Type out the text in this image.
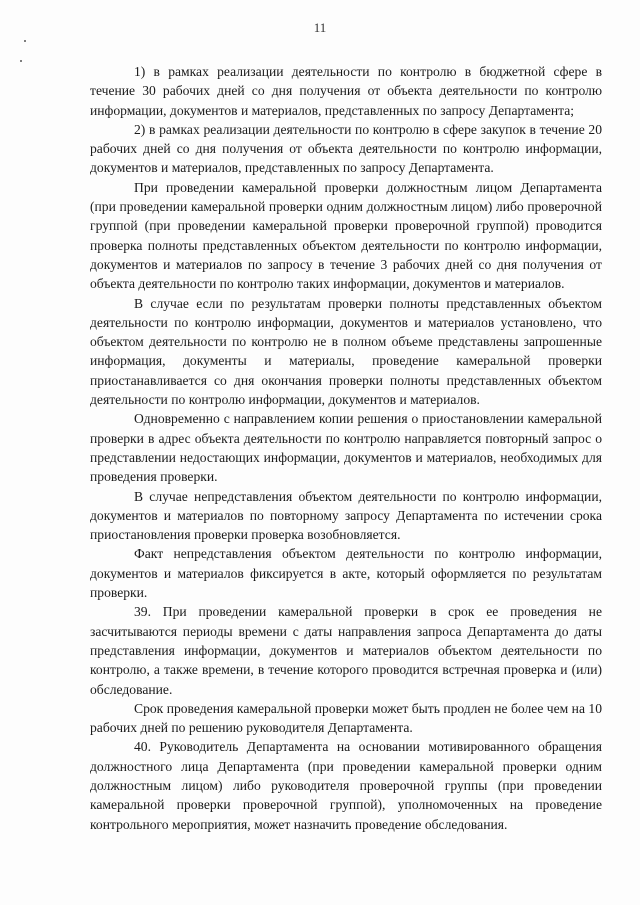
11

1) в рамках реализации деятельности по контролю в бюджетной сфере в течение 30 рабочих дней со дня получения от объекта деятельности по контролю информации, документов и материалов, представленных по запросу Департамента;

2) в рамках реализации деятельности по контролю в сфере закупок в течение 20 рабочих дней со дня получения от объекта деятельности по контролю информации, документов и материалов, представленных по запросу Департамента.

При проведении камеральной проверки должностным лицом Департамента (при проведении камеральной проверки одним должностным лицом) либо проверочной группой (при проведении камеральной проверки проверочной группой) проводится проверка полноты представленных объектом деятельности по контролю информации, документов и материалов по запросу в течение 3 рабочих дней со дня получения от объекта деятельности по контролю таких информации, документов и материалов.

В случае если по результатам проверки полноты представленных объектом деятельности по контролю информации, документов и материалов установлено, что объектом деятельности по контролю не в полном объеме представлены запрошенные информация, документы и материалы, проведение камеральной проверки приостанавливается со дня окончания проверки полноты представленных объектом деятельности по контролю информации, документов и материалов.

Одновременно с направлением копии решения о приостановлении камеральной проверки в адрес объекта деятельности по контролю направляется повторный запрос о представлении недостающих информации, документов и материалов, необходимых для проведения проверки.

В случае непредставления объектом деятельности по контролю информации, документов и материалов по повторному запросу Департамента по истечении срока приостановления проверки проверка возобновляется.

Факт непредставления объектом деятельности по контролю информации, документов и материалов фиксируется в акте, который оформляется по результатам проверки.

39. При проведении камеральной проверки в срок ее проведения не засчитываются периоды времени с даты направления запроса Департамента до даты представления информации, документов и материалов объектом деятельности по контролю, а также времени, в течение которого проводится встречная проверка и (или) обследование.

Срок проведения камеральной проверки может быть продлен не более чем на 10 рабочих дней по решению руководителя Департамента.

40. Руководитель Департамента на основании мотивированного обращения должностного лица Департамента (при проведении камеральной проверки одним должностным лицом) либо руководителя проверочной группы (при проведении камеральной проверки проверочной группой), уполномоченных на проведение контрольного мероприятия, может назначить проведение обследования.
